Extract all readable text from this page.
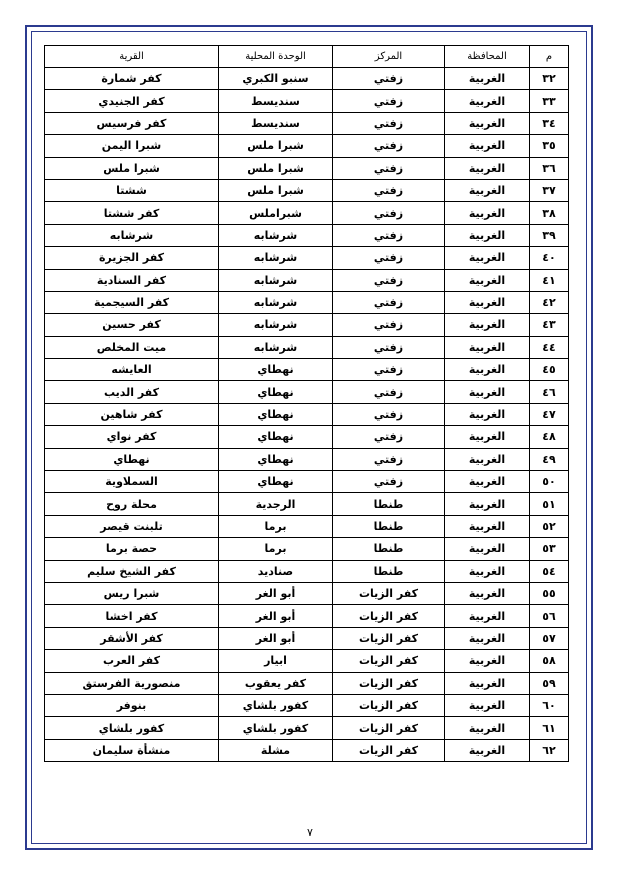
م	المحافظة	المركز	الوحدة المحلية	القرية
٣٢	الغربية	زفتي	سنبو الكبري	كفر شمارة
٣٣	الغربية	زفتي	سنديسط	كفر الجنيدي
٣٤	الغربية	زفتي	سنديسط	كفر فرسيس
٣٥	الغربية	زفتي	شبرا ملس	شبرا اليمن
٣٦	الغربية	زفتي	شبرا ملس	شبرا ملس
٣٧	الغربية	زفتي	شبرا ملس	ششتا
٣٨	الغربية	زفتي	شبراملس	كفر ششتا
٣٩	الغربية	زفتي	شرشابه	شرشابه
٤٠	الغربية	زفتي	شرشابه	كفر الجزيرة
٤١	الغربية	زفتي	شرشابه	كفر السنادية
٤٢	الغربية	زفتي	شرشابه	كفر السيجمية
٤٣	الغربية	زفتي	شرشابه	كفر حسين
٤٤	الغربية	زفتي	شرشابه	ميت المخلص
٤٥	الغربية	زفتي	نهطاي	العايشه
٤٦	الغربية	زفتي	نهطاي	كفر الديب
٤٧	الغربية	زفتي	نهطاي	كفر شاهين
٤٨	الغربية	زفتي	نهطاي	كفر نواي
٤٩	الغربية	زفتي	نهطاي	نهطاي
٥٠	الغربية	زفتي	نهطاي	السملاوية
٥١	الغربية	طنطا	الرجدية	محلة روح
٥٢	الغربية	طنطا	برما	تلبنت قيصر
٥٣	الغربية	طنطا	برما	حصة برما
٥٤	الغربية	طنطا	صناديد	كفر الشيخ سليم
٥٥	الغربية	كفر الزيات	أبو الغر	شبرا ريس
٥٦	الغربية	كفر الزيات	أبو الغر	كفر اخشا
٥٧	الغربية	كفر الزيات	أبو الغر	كفر الأشقر
٥٨	الغربية	كفر الزيات	ابيار	كفر العرب
٥٩	الغربية	كفر الزيات	كفر يعقوب	منصورية الفرستق
٦٠	الغربية	كفر الزيات	كفور بلشاي	بنوفر
٦١	الغربية	كفر الزيات	كفور بلشاي	كفور بلشاي
٦٢	الغربية	كفر الزيات	مشلة	منشأة سليمان
٧
